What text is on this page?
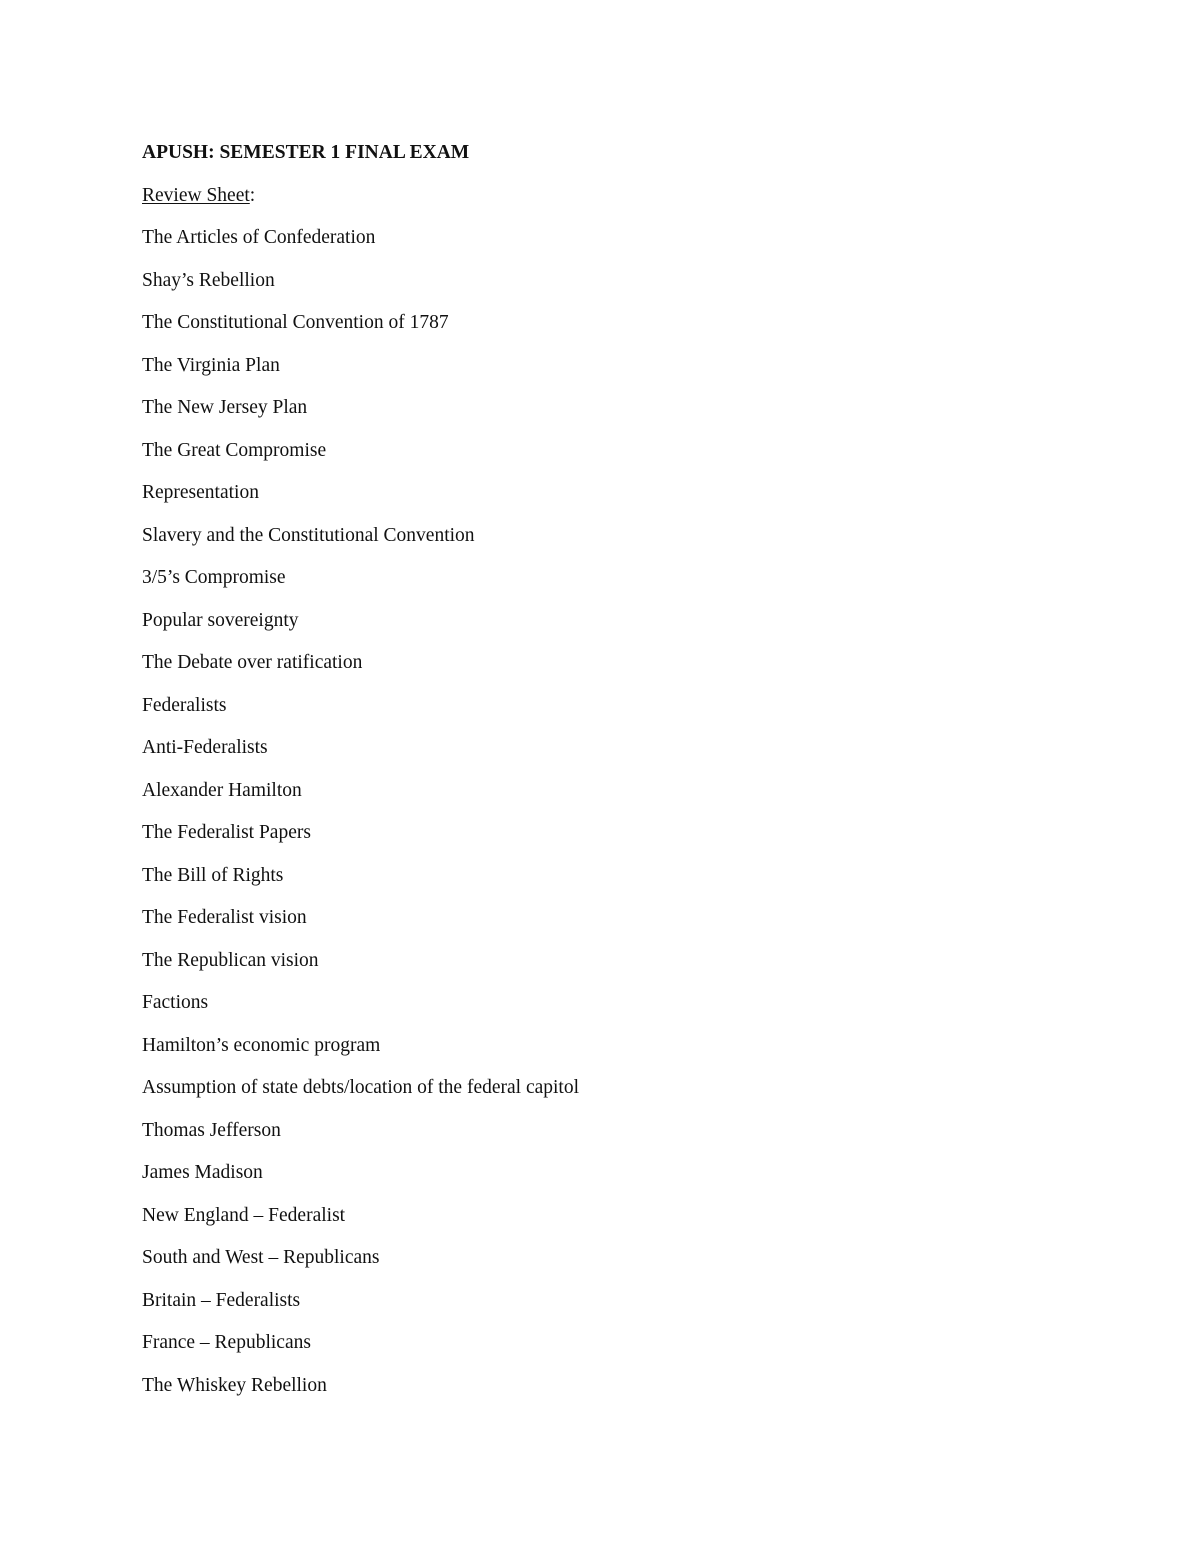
APUSH: SEMESTER 1 FINAL EXAM
Review Sheet:
The Articles of Confederation
Shay’s Rebellion
The Constitutional Convention of 1787
The Virginia Plan
The New Jersey Plan
The Great Compromise
Representation
Slavery and the Constitutional Convention
3/5’s Compromise
Popular sovereignty
The Debate over ratification
Federalists
Anti-Federalists
Alexander Hamilton
The Federalist Papers
The Bill of Rights
The Federalist vision
The Republican vision
Factions
Hamilton’s economic program
Assumption of state debts/location of the federal capitol
Thomas Jefferson
James Madison
New England – Federalist
South and West – Republicans
Britain – Federalists
France – Republicans
The Whiskey Rebellion
